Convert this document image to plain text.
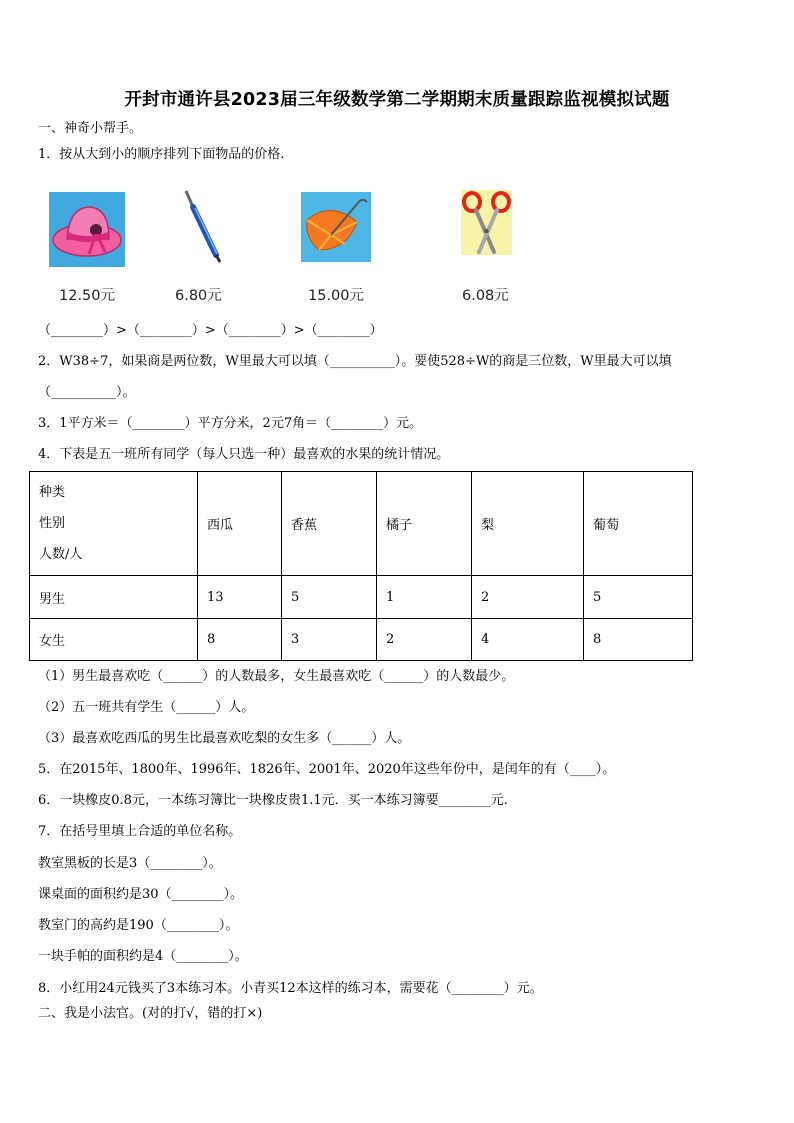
开封市通许县2023届三年级数学第二学期期末质量跟踪监视模拟试题
一、神奇小帮手。
1．按从大到小的顺序排列下面物品的价格.
12.50元	6.80元	15.00元	6.08元
（________）>（________）>（________）>（________）
2．W38÷7，如果商是两位数，W里最大可以填（__________）。要使528÷W的商是三位数，W里最大可以填
（__________）。
3．1平方米＝（________）平方分米，2元7角＝（________）元。
4．下表是五一班所有同学（每人只选一种）最喜欢的水果的统计情况。
种类
性别
人数/人	西瓜	香蕉	橘子	梨	葡萄
男生	13	5	1	2	5
女生	8	3	2	4	8
（1）男生最喜欢吃（______）的人数最多，女生最喜欢吃（______）的人数最少。
（2）五一班共有学生（______）人。
（3）最喜欢吃西瓜的男生比最喜欢吃梨的女生多（______）人。
5．在2015年、1800年、1996年、1826年、2001年、2020年这些年份中，是闰年的有（____）。
6．一块橡皮0.8元，一本练习簿比一块橡皮贵1.1元．买一本练习簿要________元.
7．在括号里填上合适的单位名称。
教室黑板的长是3（________）。
课桌面的面积约是30（________）。
教室门的高约是190（________）。
一块手帕的面积约是4（________）。
8．小红用24元钱买了3本练习本。小青买12本这样的练习本，需要花（________）元。
二、我是小法官。(对的打√，错的打×)
